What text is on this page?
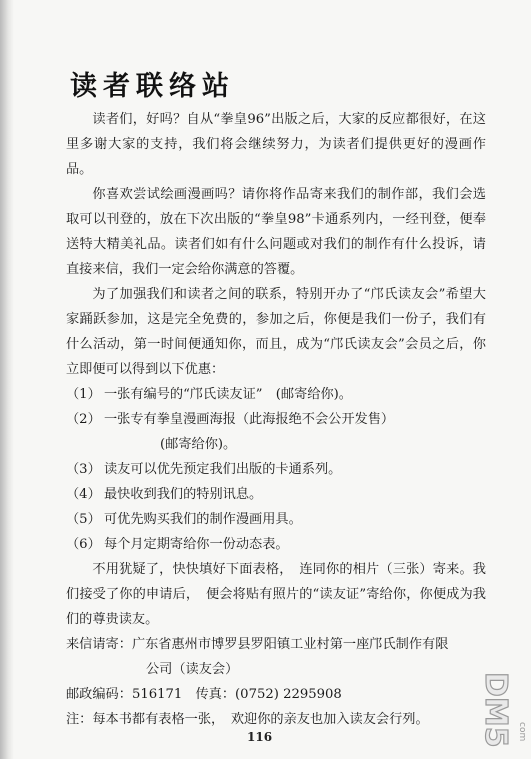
读者联络站

读者们，好吗？自从“拳皇96”出版之后，大家的反应都很好，在这里多谢大家的支持，我们将会继续努力，为读者们提供更好的漫画作品。

你喜欢尝试绘画漫画吗？请你将作品寄来我们的制作部，我们会选取可以刊登的，放在下次出版的“拳皇98”卡通系列内，一经刊登，便奉送特大精美礼品。读者们如有什么问题或对我们的制作有什么投诉，请直接来信，我们一定会给你满意的答覆。

为了加强我们和读者之间的联系，特别开办了“邝氏读友会”希望大家踊跃参加，这是完全免费的，参加之后，你便是我们一份子，我们有什么活动，第一时间便通知你，而且，成为“邝氏读友会”会员之后，你立即便可以得到以下优惠：

（1） 一张有编号的“邝氏读友证”　(邮寄给你)。
（2） 一张专有拳皇漫画海报（此海报绝不会公开发售）
(邮寄给你)。
（3） 读友可以优先预定我们出版的卡通系列。
（4） 最快收到我们的特别讯息。
（5） 可优先购买我们的制作漫画用具。
（6） 每个月定期寄给你一份动态表。

不用犹疑了，快快填好下面表格，　连同你的相片（三张）寄来。我们接受了你的申请后，　便会将贴有照片的“读友证”寄给你，你便成为我们的尊贵读友。

来信请寄：广东省惠州市博罗县罗阳镇工业村第一座邝氏制作有限

公司（读友会）

邮政编码：516171　 传真：(0752) 2295908

注：每本书都有表格一张，　欢迎你的亲友也加入读友会行列。

116	DM5 com
